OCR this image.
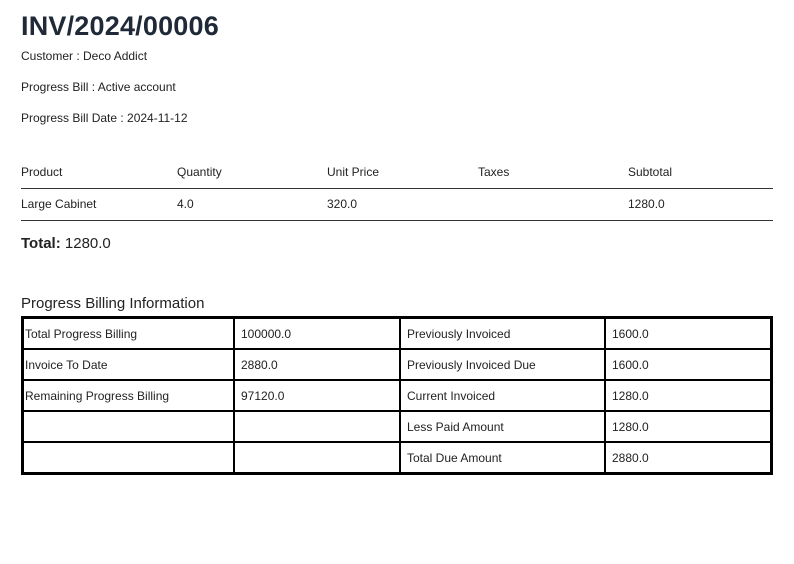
INV/2024/00006
Customer : Deco Addict
Progress Bill : Active account
Progress Bill Date : 2024-11-12
Product	Quantity	Unit Price	Taxes	Subtotal
Large Cabinet	4.0	320.0		1280.0
Total: 1280.0
Progress Billing Information
Total Progress Billing	100000.0	Previously Invoiced	1600.0
Invoice To Date	2880.0	Previously Invoiced Due	1600.0
Remaining Progress Billing	97120.0	Current Invoiced	1280.0
		Less Paid Amount	1280.0
		Total Due Amount	2880.0
